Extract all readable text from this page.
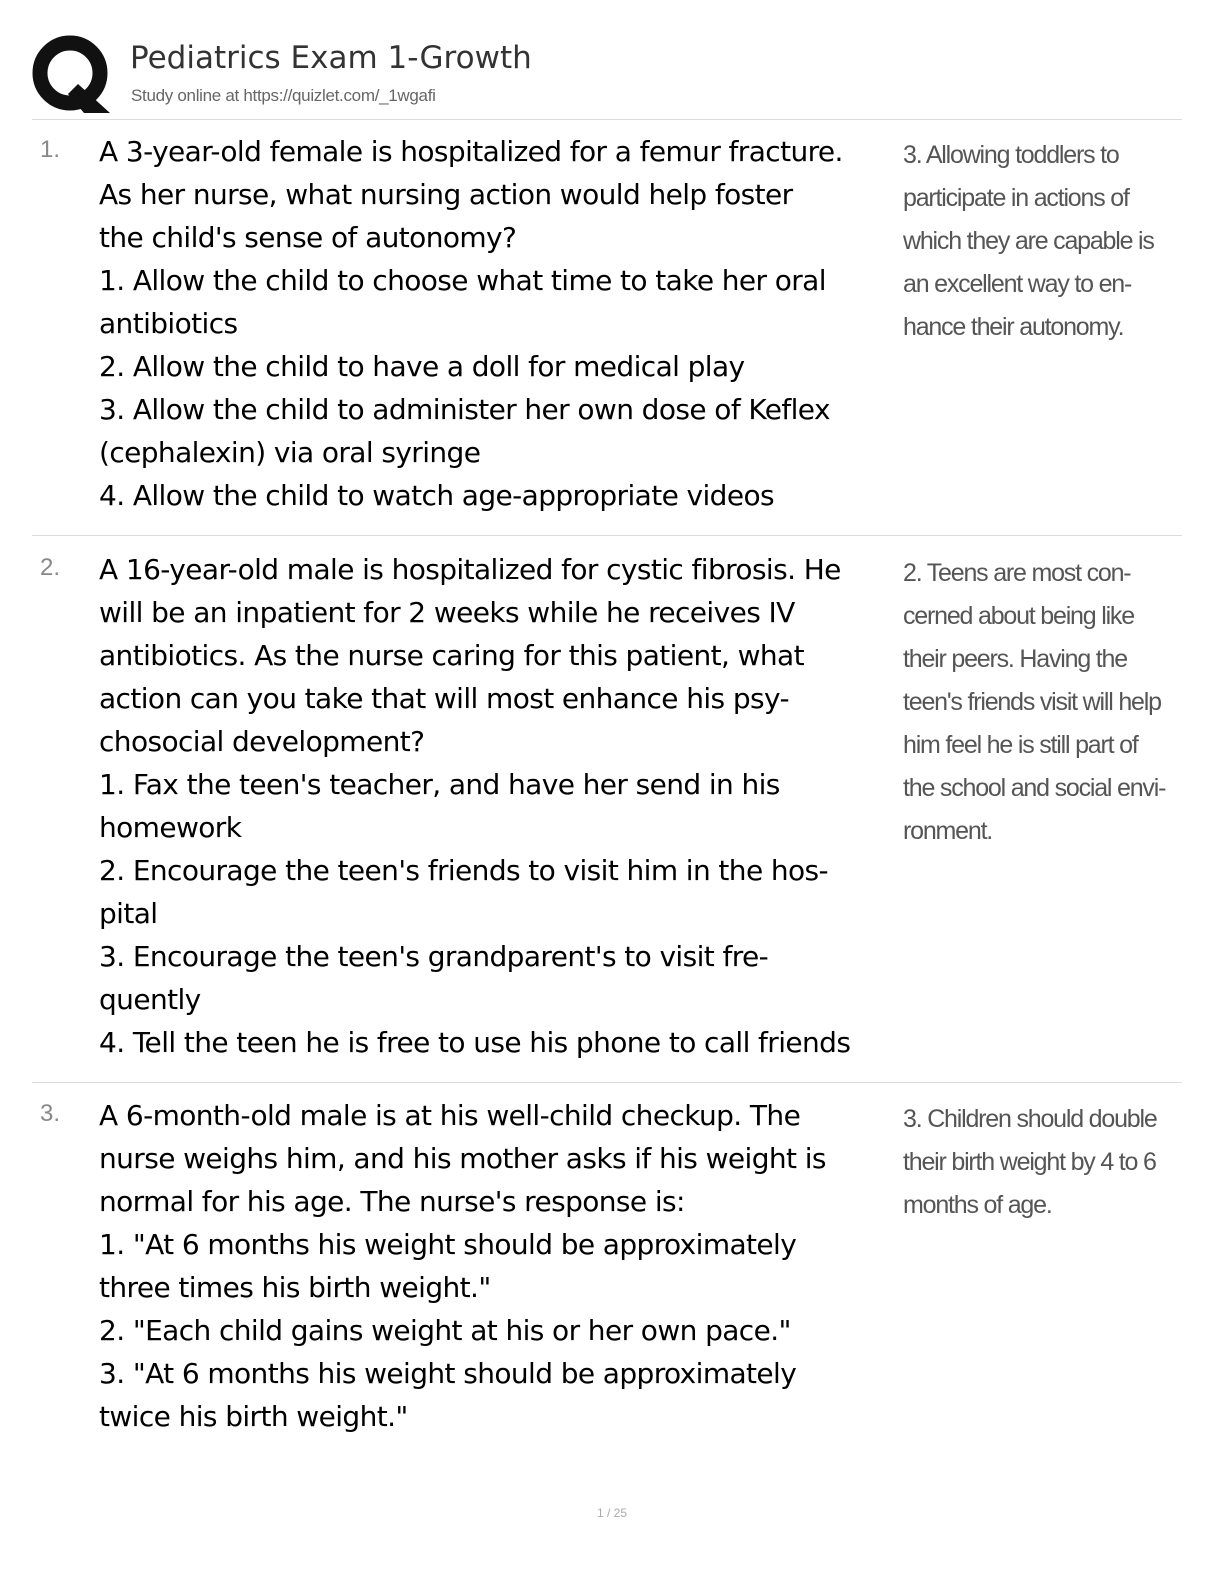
Pediatrics Exam 1-Growth
Study online at https://quizlet.com/_1wgafi
1. A 3-year-old female is hospitalized for a femur fracture.
As her nurse, what nursing action would help foster
the child's sense of autonomy?
1. Allow the child to choose what time to take her oral
antibiotics
2. Allow the child to have a doll for medical play
3. Allow the child to administer her own dose of Keflex
(cephalexin) via oral syringe
4. Allow the child to watch age-appropriate videos
3. Allowing toddlers to
participate in actions of
which they are capable is
an excellent way to en-
hance their autonomy.
2. A 16-year-old male is hospitalized for cystic fibrosis. He
will be an inpatient for 2 weeks while he receives IV
antibiotics. As the nurse caring for this patient, what
action can you take that will most enhance his psy-
chosocial development?
1. Fax the teen's teacher, and have her send in his
homework
2. Encourage the teen's friends to visit him in the hos-
pital
3. Encourage the teen's grandparent's to visit fre-
quently
4. Tell the teen he is free to use his phone to call friends
2. Teens are most con-
cerned about being like
their peers. Having the
teen's friends visit will help
him feel he is still part of
the school and social envi-
ronment.
3. A 6-month-old male is at his well-child checkup. The
nurse weighs him, and his mother asks if his weight is
normal for his age. The nurse's response is:
1. "At 6 months his weight should be approximately
three times his birth weight."
2. "Each child gains weight at his or her own pace."
3. "At 6 months his weight should be approximately
twice his birth weight."
3. Children should double
their birth weight by 4 to 6
months of age.
1 / 25
